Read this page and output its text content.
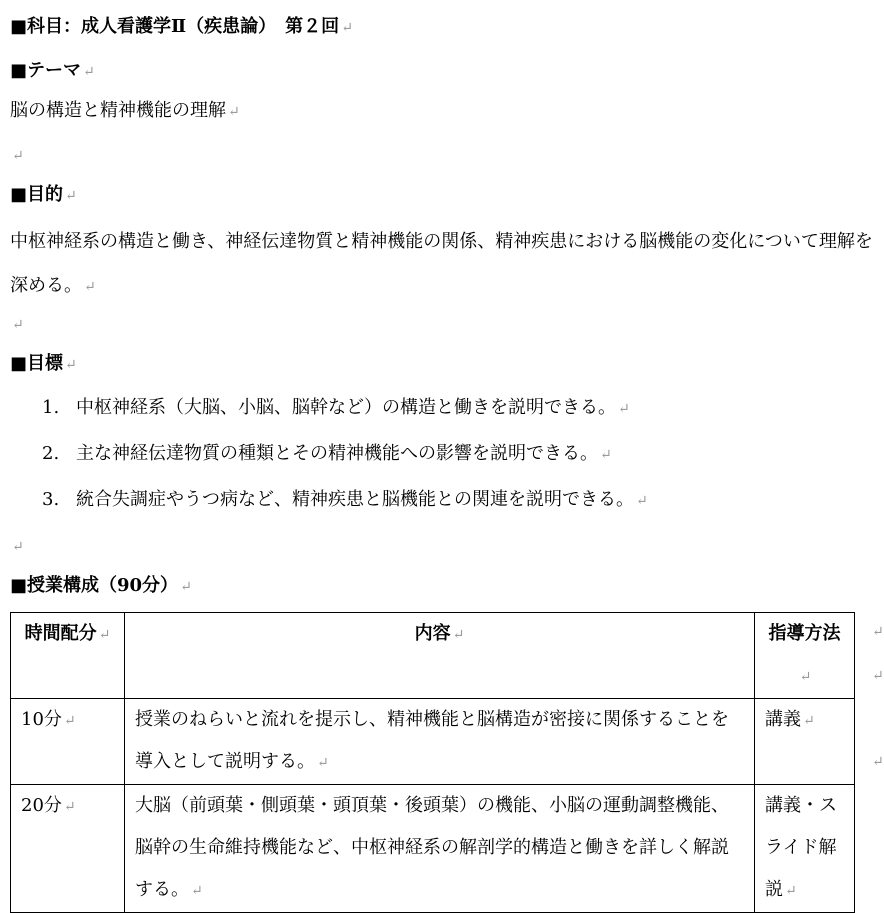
■科目：成人看護学Ⅱ（疾患論）　第２回 ↵
■テーマ ↵
脳の構造と精神機能の理解 ↵
↵
■目的 ↵

中枢神経系の構造と働き、神経伝達物質と精神機能の関係、精神疾患における脳機能の変化について理解を深める。 ↵

↵
■目標 ↵
1. 中枢神経系（大脳、小脳、脳幹など）の構造と働きを説明できる。 ↵
2. 主な神経伝達物質の種類とその精神機能への影響を説明できる。 ↵
3. 統合失調症やうつ病など、精神疾患と脳機能との関連を説明できる。 ↵
↵
■授業構成（90分） ↵
時間配分 ↵	内容 ↵	指導方法↵
10分 ↵	授業のねらいと流れを提示し、精神機能と脳構造が密接に関係することを導入として説明する。 ↵	講義 ↵
20分 ↵	大脳（前頭葉・側頭葉・頭頂葉・後頭葉）の機能、小脳の運動調整機能、脳幹の生命維持機能など、中枢神経系の解剖学的構造と働きを詳しく解説する。 ↵	講義・スライド解説 ↵
↵
↵
↵
